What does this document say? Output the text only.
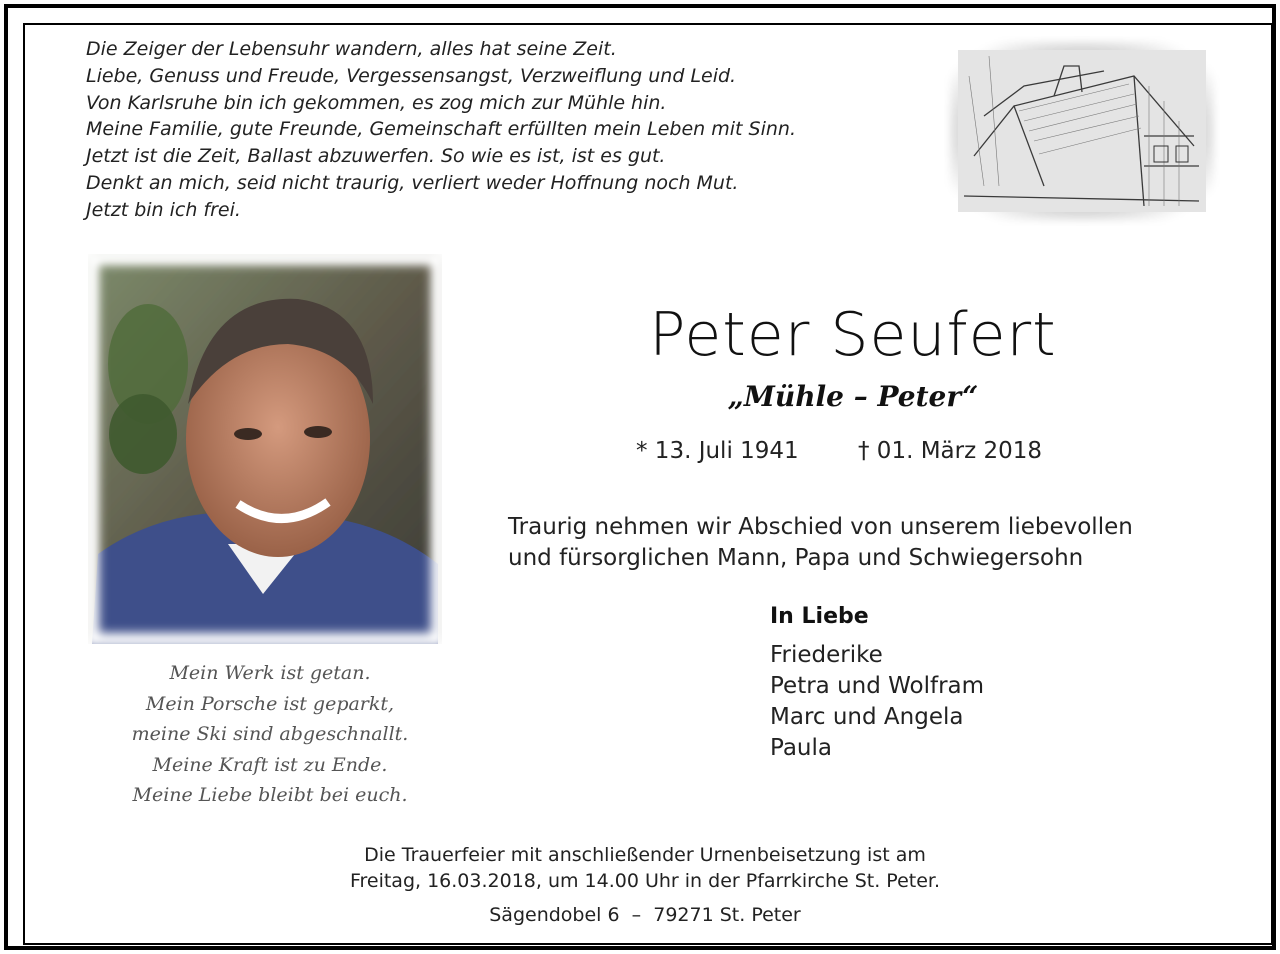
Die Zeiger der Lebensuhr wandern, alles hat seine Zeit.
Liebe, Genuss und Freude, Vergessensangst, Verzweiflung und Leid.
Von Karlsruhe bin ich gekommen, es zog mich zur Mühle hin.
Meine Familie, gute Freunde, Gemeinschaft erfüllten mein Leben mit Sinn.
Jetzt ist die Zeit, Ballast abzuwerfen. So wie es ist, ist es gut.
Denkt an mich, seid nicht traurig, verliert weder Hoffnung noch Mut.
Jetzt bin ich frei.
Peter Seufert
„Mühle – Peter“
* 13. Juli 1941	† 01. März 2018
Traurig nehmen wir Abschied von unserem liebevollen
und fürsorglichen Mann, Papa und Schwiegersohn
In Liebe
Friederike
Petra und Wolfram
Marc und Angela
Paula
Mein Werk ist getan.
Mein Porsche ist geparkt,
meine Ski sind abgeschnallt.
Meine Kraft ist zu Ende.
Meine Liebe bleibt bei euch.
Die Trauerfeier mit anschließender Urnenbeisetzung ist am
Freitag, 16.03.2018, um 14.00 Uhr in der Pfarrkirche St. Peter.
Sägendobel 6  –  79271 St. Peter
